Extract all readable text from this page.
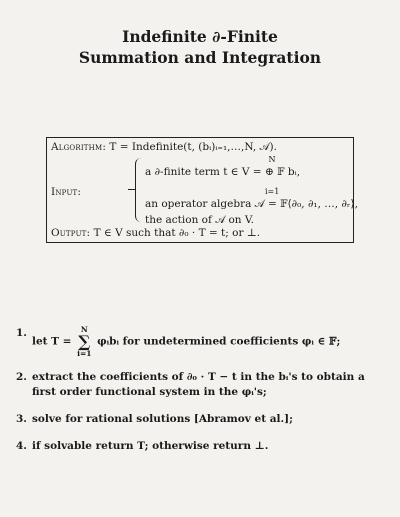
Indefinite ∂-Finite
Summation and Integration
Algorithm: T = Indefinite(t, (bᵢ)ᵢ₌₁,…,N, 𝒜).
Input:
N
a ∂-finite term t ∈ V = ⊕ 𝔽 bᵢ,
i=1
an operator algebra 𝒜 = 𝔽⟨∂₀, ∂₁, …, ∂ᵣ⟩,
the action of 𝒜 on V.
Output: T ∈ V such that ∂₀ · T = t; or ⊥.
1.
let T =
N
∑
i=1
φᵢbᵢ for undetermined coefficients φᵢ ∈ 𝔽;
2. extract the coefficients of ∂₀ · T − t in the bᵢ's to obtain a first order functional system in the φᵢ's;
3. solve for rational solutions [Abramov et al.];
4. if solvable return T; otherwise return ⊥.
